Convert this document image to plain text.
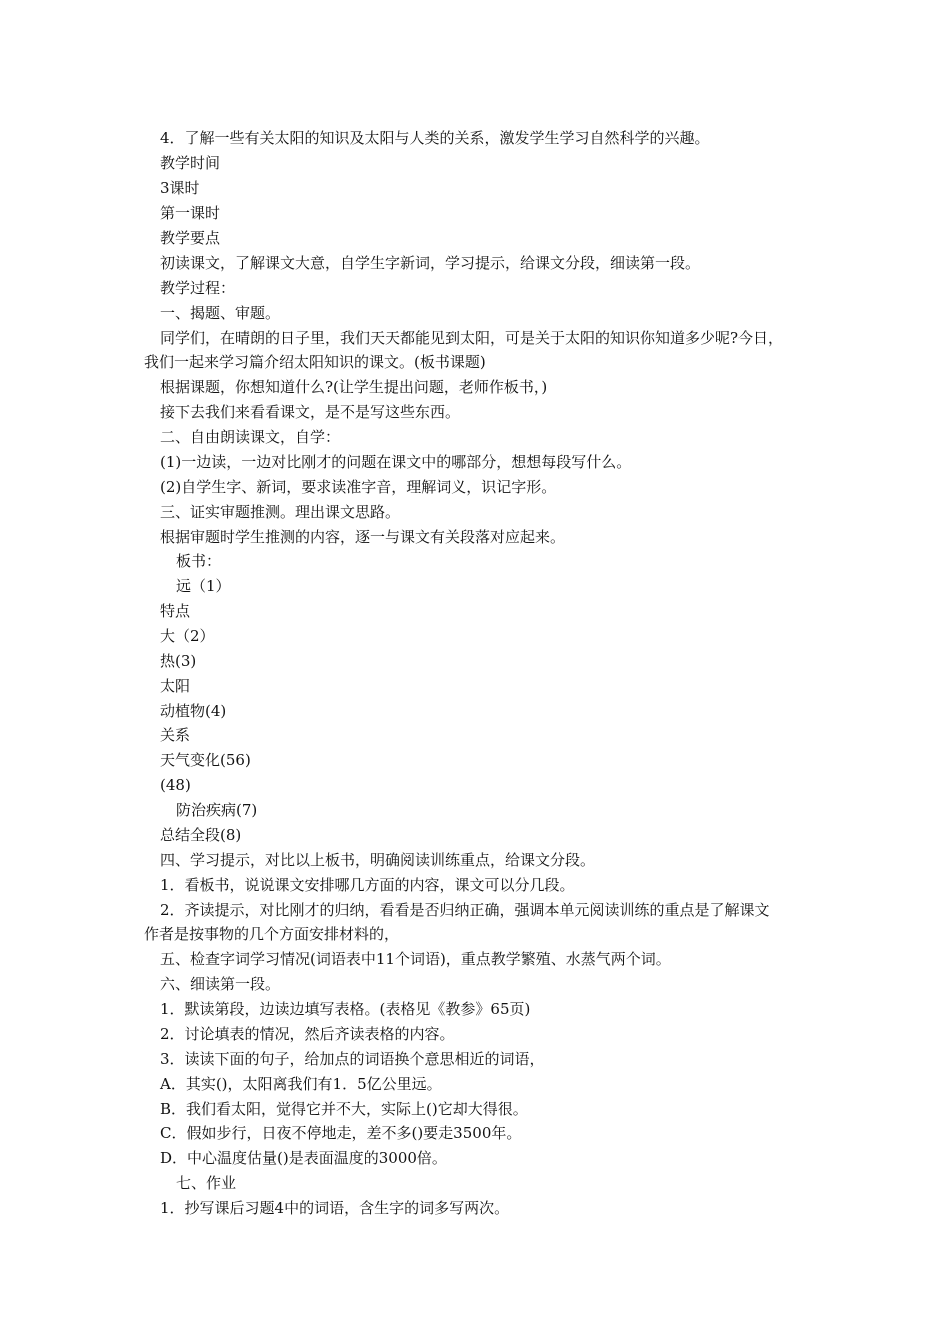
4．了解一些有关太阳的知识及太阳与人类的关系，激发学生学习自然科学的兴趣。
教学时间
3课时
第一课时
教学要点
初读课文，了解课文大意，自学生字新词，学习提示，给课文分段，细读第一段。
教学过程：
一、揭题、审题。
同学们，在晴朗的日子里，我们天天都能见到太阳，可是关于太阳的知识你知道多少呢?今日，
我们一起来学习篇介绍太阳知识的课文。(板书课题)
根据课题，你想知道什么?(让学生提出问题，老师作板书，)
接下去我们来看看课文，是不是写这些东西。
二、自由朗读课文，自学：
(1)一边读，一边对比刚才的问题在课文中的哪部分，想想每段写什么。
(2)自学生字、新词，要求读准字音，理解词义，识记字形。
三、证实审题推测。理出课文思路。
根据审题时学生推测的内容，逐一与课文有关段落对应起来。
板书：
远（1）
特点
大（2）
热(3)
太阳
动植物(4)
关系
天气变化(56)
(48)
防治疾病(7)
总结全段(8)
四、学习提示，对比以上板书，明确阅读训练重点，给课文分段。
1．看板书，说说课文安排哪几方面的内容，课文可以分几段。
2．齐读提示，对比刚才的归纳，看看是否归纳正确，强调本单元阅读训练的重点是了解课文
作者是按事物的几个方面安排材料的，
五、检查字词学习情况(词语表中11个词语)，重点教学繁殖、水蒸气两个词。
六、细读第一段。
1．默读第段，边读边填写表格。(表格见《教参》65页)
2．讨论填表的情况，然后齐读表格的内容。
3．读读下面的句子，给加点的词语换个意思相近的词语，
A．其实()，太阳离我们有1．5亿公里远。
B．我们看太阳，觉得它并不大，实际上()它却大得很。
C．假如步行，日夜不停地走，差不多()要走3500年。
D．中心温度估量()是表面温度的3000倍。
七、作业
1．抄写课后习题4中的词语，含生字的词多写两次。
